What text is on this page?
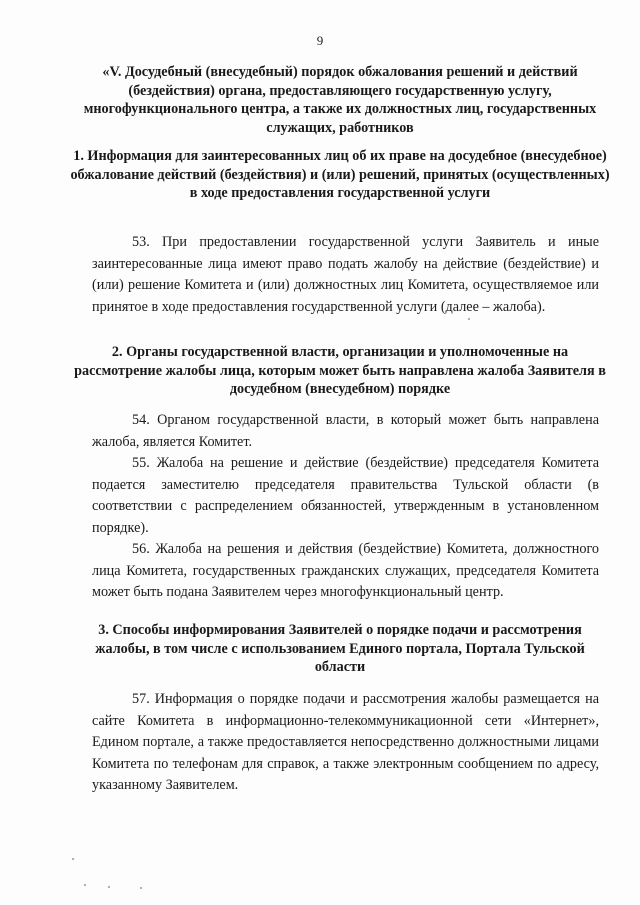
9

«V. Досудебный (внесудебный) порядок обжалования решений и действий (бездействия) органа, предоставляющего государственную услугу, многофункционального центра, а также их должностных лиц, государственных служащих, работников

1. Информация для заинтересованных лиц об их праве на досудебное (внесудебное) обжалование действий (бездействия) и (или) решений, принятых (осуществленных) в ходе предоставления государственной услуги

53. При предоставлении государственной услуги Заявитель и иные заинтересованные лица имеют право подать жалобу на действие (бездействие) и (или) решение Комитета и (или) должностных лиц Комитета, осуществляемое или принятое в ходе предоставления государственной услуги (далее – жалоба).

2. Органы государственной власти, организации и уполномоченные на рассмотрение жалобы лица, которым может быть направлена жалоба Заявителя в досудебном (внесудебном) порядке

54. Органом государственной власти, в который может быть направлена жалоба, является Комитет.

55. Жалоба на решение и действие (бездействие) председателя Комитета подается заместителю председателя правительства Тульской области (в соответствии с распределением обязанностей, утвержденным в установленном порядке).

56. Жалоба на решения и действия (бездействие) Комитета, должностного лица Комитета, государственных гражданских служащих, председателя Комитета может быть подана Заявителем через многофункциональный центр.

3. Способы информирования Заявителей о порядке подачи и рассмотрения жалобы, в том числе с использованием Единого портала, Портала Тульской области

57. Информация о порядке подачи и рассмотрения жалобы размещается на сайте Комитета в информационно-телекоммуникационной сети «Интернет», Едином портале, а также предоставляется непосредственно должностными лицами Комитета по телефонам для справок, а также электронным сообщением по адресу, указанному Заявителем.
